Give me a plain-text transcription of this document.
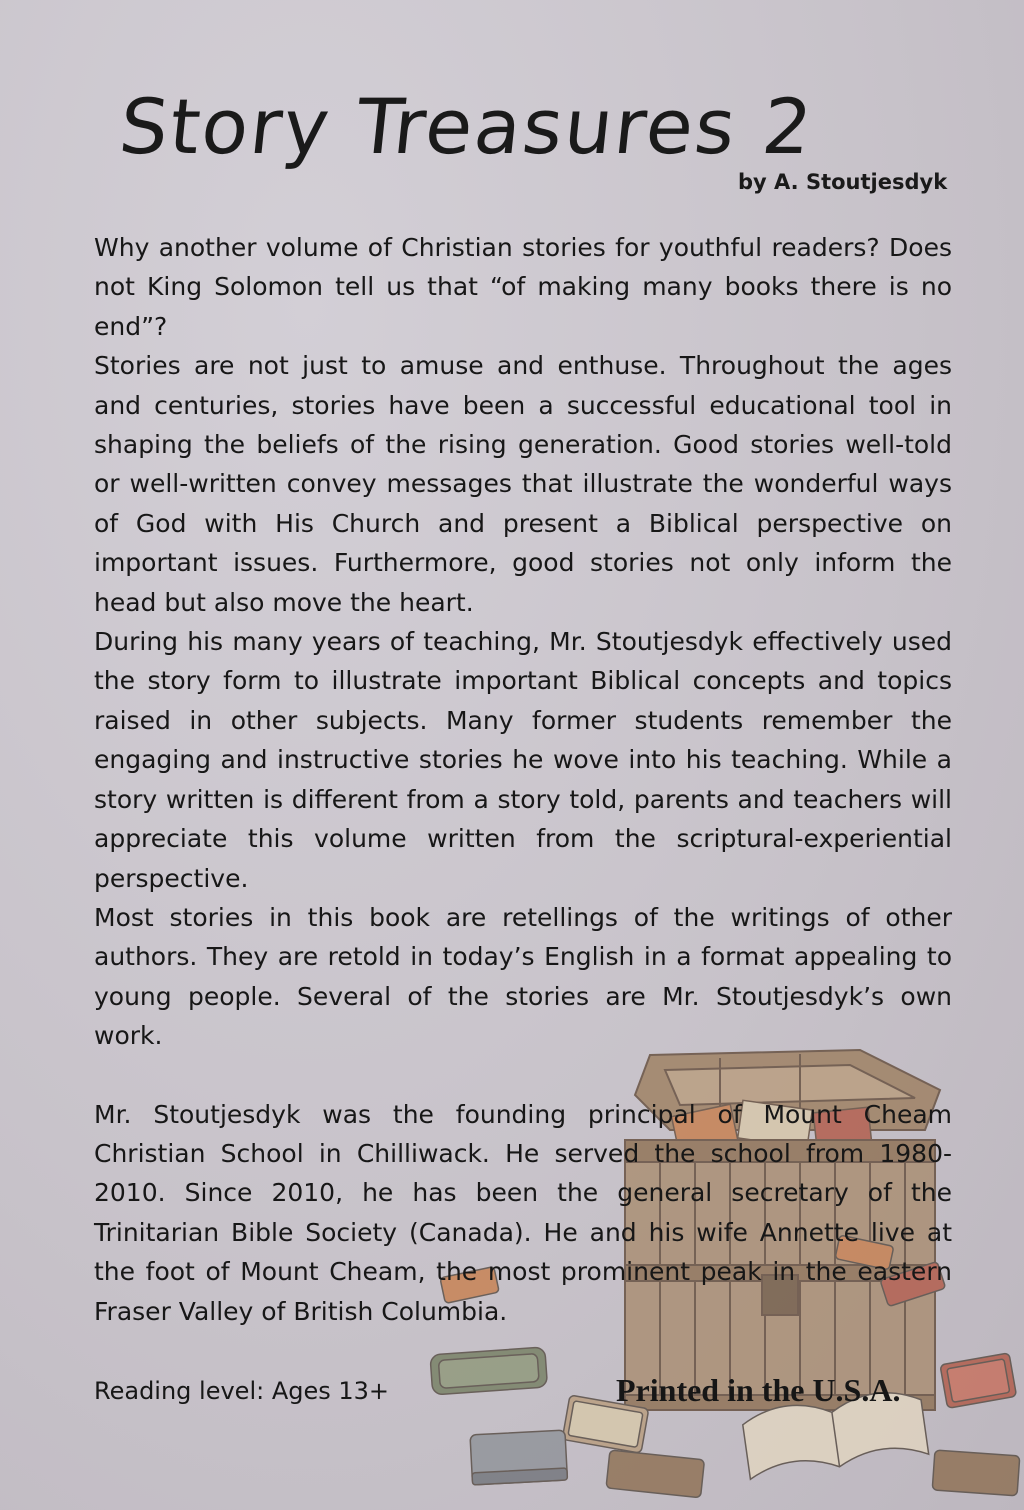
Story Treasures 2
by A. Stoutjesdyk

Why another volume of Christian stories for youthful readers? Does not King Solomon tell us that “of making many books there is no end”?

Stories are not just to amuse and enthuse. Throughout the ages and centuries, stories have been a successful educational tool in shaping the beliefs of the rising generation. Good stories well-told or well-written convey messages that illustrate the wonderful ways of God with His Church and present a Biblical perspective on important issues. Furthermore, good stories not only inform the head but also move the heart.

During his many years of teaching, Mr. Stoutjesdyk effectively used the story form to illustrate important Biblical concepts and topics raised in other subjects. Many former students remember the engaging and instructive stories he wove into his teaching. While a story written is different from a story told, parents and teachers will appreciate this volume written from the scriptural-experiential perspective.

Most stories in this book are retellings of the writings of other authors. They are retold in today’s English in a format appealing to young people. Several of the stories are Mr. Stoutjesdyk’s own work.

Mr. Stoutjesdyk was the founding principal of Mount Cheam Christian School in Chilliwack. He served the school from 1980-2010. Since 2010, he has been the general secretary of the Trinitarian Bible Society (Canada). He and his wife Annette live at the foot of Mount Cheam, the most prominent peak in the eastern Fraser Valley of British Columbia.

Reading level: Ages 13+	Printed in the U.S.A.
